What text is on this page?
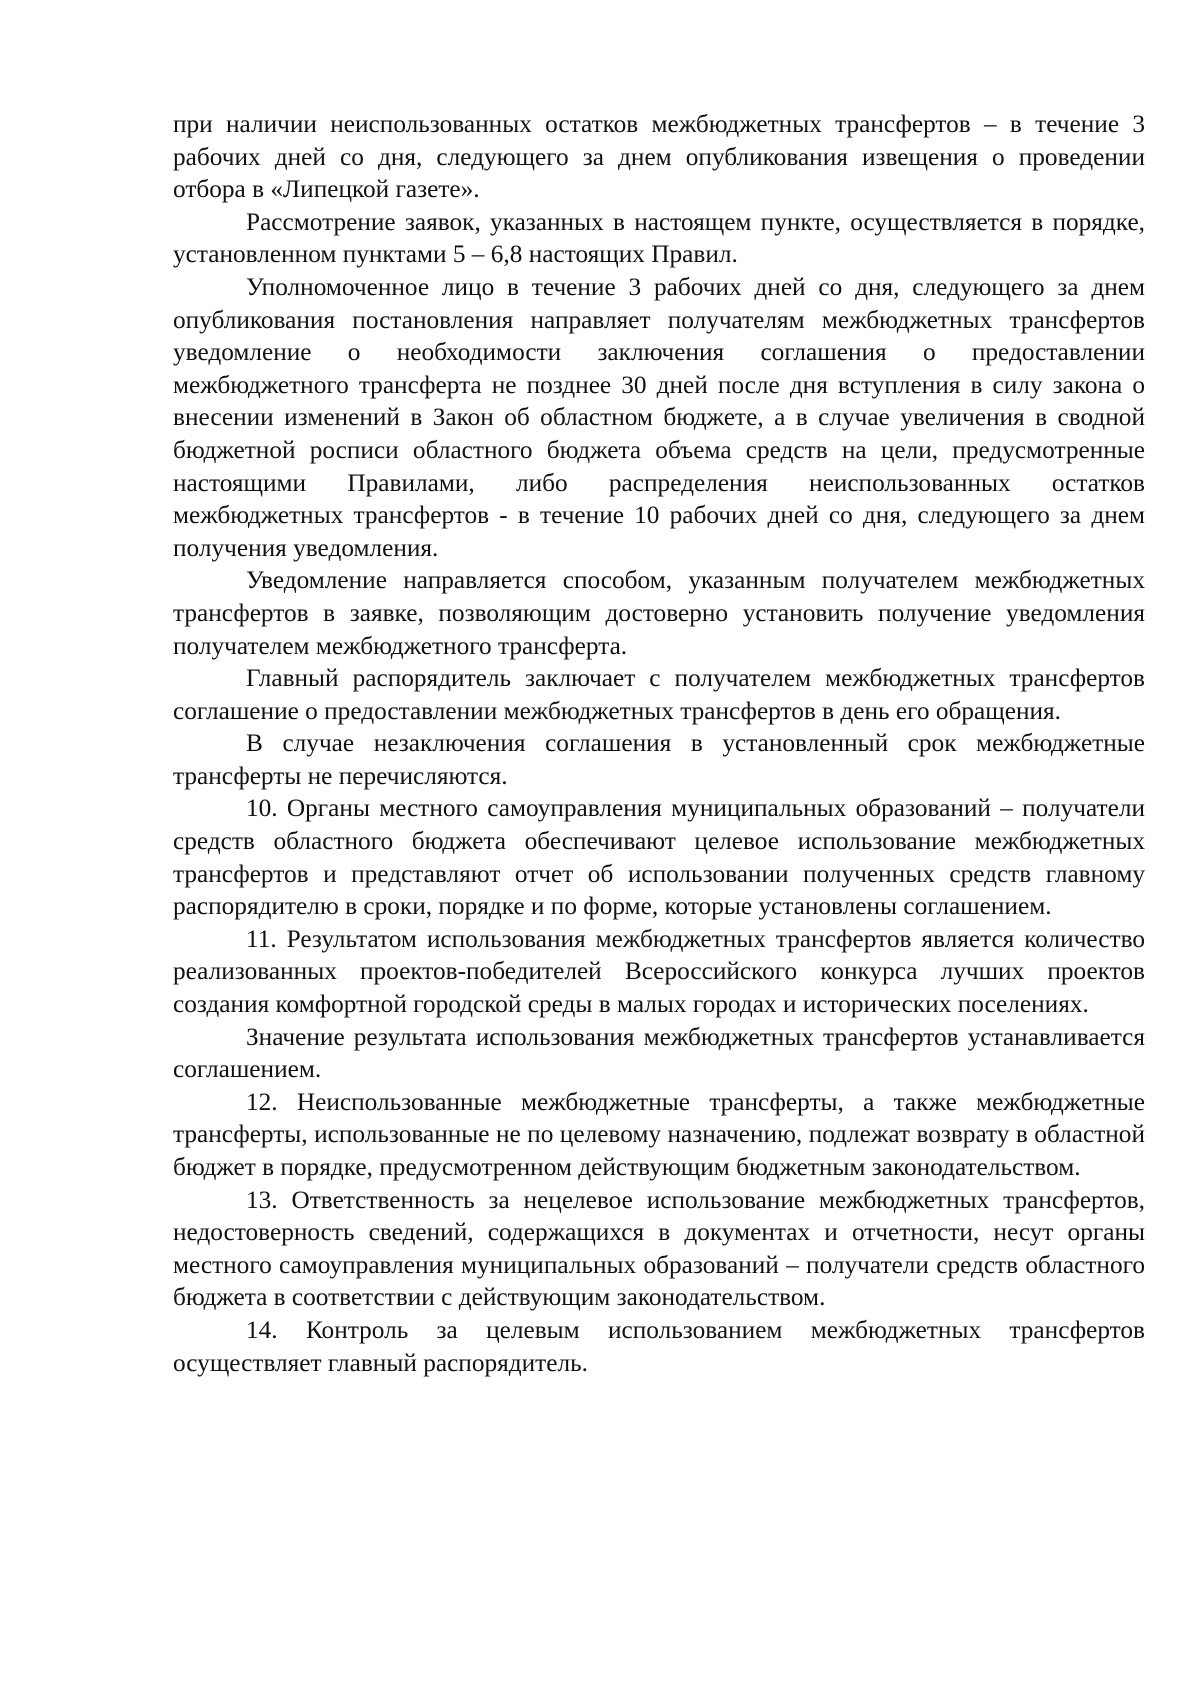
при наличии неиспользованных остатков межбюджетных трансфертов – в течение 3 рабочих дней со дня, следующего за днем опубликования извещения о проведении отбора в «Липецкой газете».

Рассмотрение заявок, указанных в настоящем пункте, осуществляется в порядке, установленном пунктами 5 – 6,8 настоящих Правил.

Уполномоченное лицо в течение 3 рабочих дней со дня, следующего за днем опубликования постановления направляет получателям межбюджетных трансфертов уведомление о необходимости заключения соглашения о предоставлении межбюджетного трансферта не позднее 30 дней после дня вступления в силу закона о внесении изменений в Закон об областном бюджете, а в случае увеличения в сводной бюджетной росписи областного бюджета объема средств на цели, предусмотренные настоящими Правилами, либо распределения неиспользованных остатков межбюджетных трансфертов - в течение 10 рабочих дней со дня, следующего за днем получения уведомления.

Уведомление направляется способом, указанным получателем межбюджетных трансфертов в заявке, позволяющим достоверно установить получение уведомления получателем межбюджетного трансферта.

Главный распорядитель заключает с получателем межбюджетных трансфертов соглашение о предоставлении межбюджетных трансфертов в день его обращения.

В случае незаключения соглашения в установленный срок межбюджетные трансферты не перечисляются.

10. Органы местного самоуправления муниципальных образований – получатели средств областного бюджета обеспечивают целевое использование межбюджетных трансфертов и представляют отчет об использовании полученных средств главному распорядителю в сроки, порядке и по форме, которые установлены соглашением.

11. Результатом использования межбюджетных трансфертов является количество реализованных проектов-победителей Всероссийского конкурса лучших проектов создания комфортной городской среды в малых городах и исторических поселениях.

Значение результата использования межбюджетных трансфертов устанавливается соглашением.

12. Неиспользованные межбюджетные трансферты, а также межбюджетные трансферты, использованные не по целевому назначению, подлежат возврату в областной бюджет в порядке, предусмотренном действующим бюджетным законодательством.

13. Ответственность за нецелевое использование межбюджетных трансфертов, недостоверность сведений, содержащихся в документах и отчетности, несут органы местного самоуправления муниципальных образований – получатели средств областного бюджета в соответствии с действующим законодательством.

14. Контроль за целевым использованием межбюджетных трансфертов осуществляет главный распорядитель.
